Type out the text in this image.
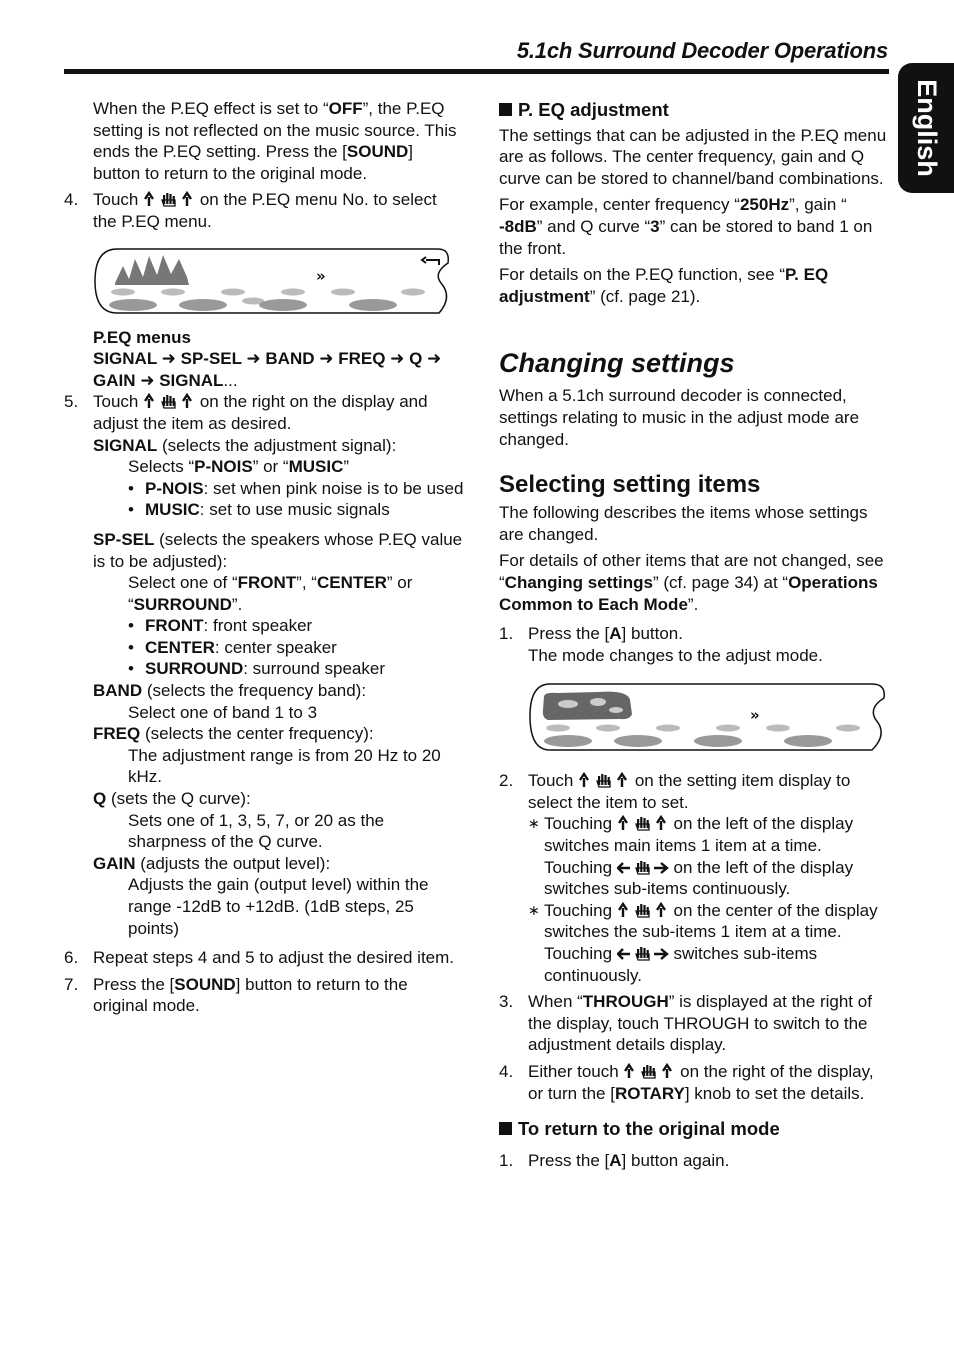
5.1ch Surround Decoder Operations
English

When the P.EQ effect is set to “OFF”, the P.EQ setting is not reflected on the music source. This ends the P.EQ setting. Press the [SOUND] button to return to the original mode.

4. Touch	on the P.EQ menu No. to select the P.EQ menu.
»

P.EQ menus

SIGNAL ➜ SP-SEL ➜ BAND ➜ FREQ ➜ Q ➜ GAIN ➜ SIGNAL...

5. Touch	on the right on the display and adjust the item as desired.

SIGNAL (selects the adjustment signal):

Selects “P-NOIS” or “MUSIC”

• P-NOIS: set when pink noise is to be used
• MUSIC: set to use music signals

SP-SEL (selects the speakers whose P.EQ value is to be adjusted):

Select one of “FRONT”, “CENTER” or “SURROUND”.

• FRONT: front speaker
• CENTER: center speaker
• SURROUND: surround speaker

BAND (selects the frequency band):

Select one of band 1 to 3

FREQ (selects the center frequency):

The adjustment range is from 20 Hz to 20 kHz.

Q (sets the Q curve):

Sets one of 1, 3, 5, 7, or 20 as the sharpness of the Q curve.

GAIN (adjusts the output level):

Adjusts the gain (output level) within the range -12dB to +12dB. (1dB steps, 25 points)

6. Repeat steps 4 and 5 to adjust the desired item.
7. Press the [SOUND] button to return to the original mode.

P. EQ adjustment

The settings that can be adjusted in the P.EQ menu are as follows. The center frequency, gain and Q curve can be stored to channel/band combinations.

For example, center frequency “250Hz”, gain “ -8dB” and Q curve “3” can be stored to band 1 on the front.

For details on the P.EQ function, see “P. EQ adjustment” (cf. page 21).

Changing settings

When a 5.1ch surround decoder is connected, settings relating to music in the adjust mode are changed.

Selecting setting items

The following describes the items whose settings are changed.

For details of other items that are not changed, see “Changing settings” (cf. page 34) at “Operations Common to Each Mode”.

1. Press the [A] button.

The mode changes to the adjust mode.

»
2. Touch	on the setting item display to select the item to set.
∗ Touching	on the left of the display switches main items 1 item at a time. Touching	on the left of the display switches sub-items continuously.
∗ Touching	on the center of the display switches the sub-items 1 item at a time. Touching	switches sub-items continuously.
3. When “THROUGH” is displayed at the right of the display, touch THROUGH to switch to the adjustment details display.
4. Either touch	on the right of the display, or turn the [ROTARY] knob to set the details.

To return to the original mode

1. Press the [A] button again.
